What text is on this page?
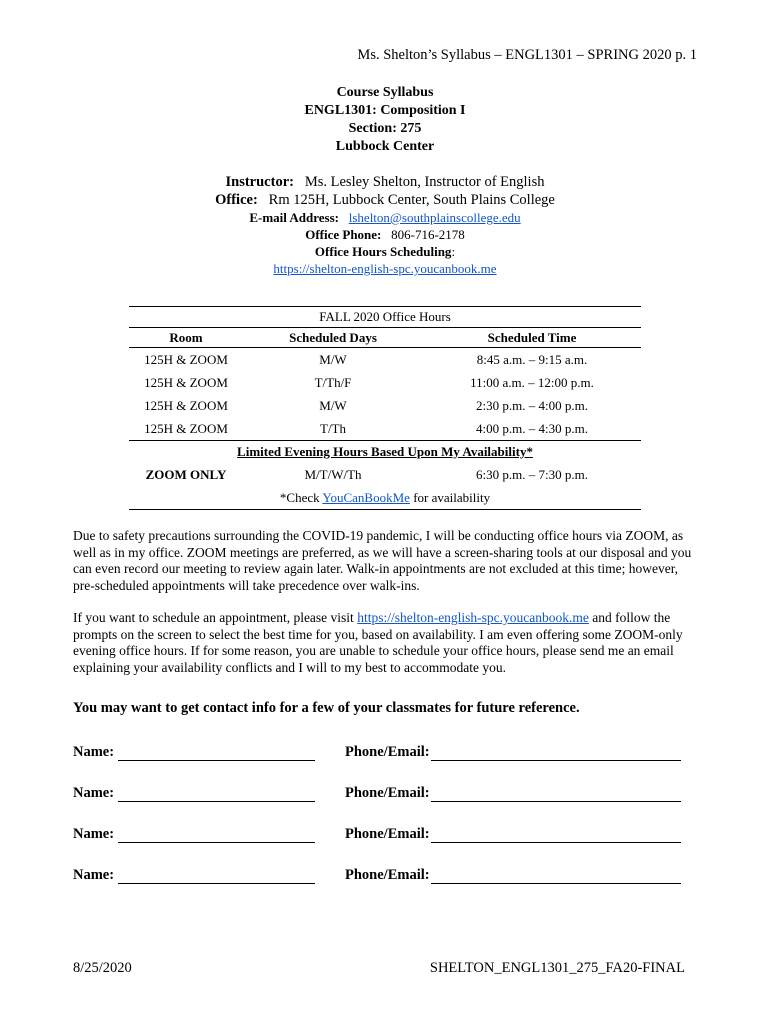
Ms. Shelton’s Syllabus – ENGL1301 – SPRING 2020 p. 1
Course Syllabus
ENGL1301: Composition I
Section: 275
Lubbock Center
Instructor: Ms. Lesley Shelton, Instructor of English
Office: Rm 125H, Lubbock Center, South Plains College
E-mail Address: lshelton@southplainscollege.edu
Office Phone: 806-716-2178
Office Hours Scheduling:
https://shelton-english-spc.youcanbook.me
FALL 2020 Office Hours
Room	Scheduled Days	Scheduled Time
125H & ZOOM	M/W	8:45 a.m. – 9:15 a.m.
125H & ZOOM	T/Th/F	11:00 a.m. – 12:00 p.m.
125H & ZOOM	M/W	2:30 p.m. – 4:00 p.m.
125H & ZOOM	T/Th	4:00 p.m. – 4:30 p.m.
Limited Evening Hours Based Upon My Availability*
ZOOM ONLY	M/T/W/Th	6:30 p.m. – 7:30 p.m.
*Check YouCanBookMe for availability
Due to safety precautions surrounding the COVID-19 pandemic, I will be conducting office hours via ZOOM, as well as in my office. ZOOM meetings are preferred, as we will have a screen-sharing tools at our disposal and you can even record our meeting to review again later. Walk-in appointments are not excluded at this time; however, pre-scheduled appointments will take precedence over walk-ins.
If you want to schedule an appointment, please visit https://shelton-english-spc.youcanbook.me and follow the prompts on the screen to select the best time for you, based on availability. I am even offering some ZOOM-only evening office hours. If for some reason, you are unable to schedule your office hours, please send me an email explaining your availability conflicts and I will to my best to accommodate you.
You may want to get contact info for a few of your classmates for future reference.
Name:	Phone/Email:
Name:	Phone/Email:
Name:	Phone/Email:
Name:	Phone/Email:
8/25/2020	SHELTON_ENGL1301_275_FA20-FINAL
